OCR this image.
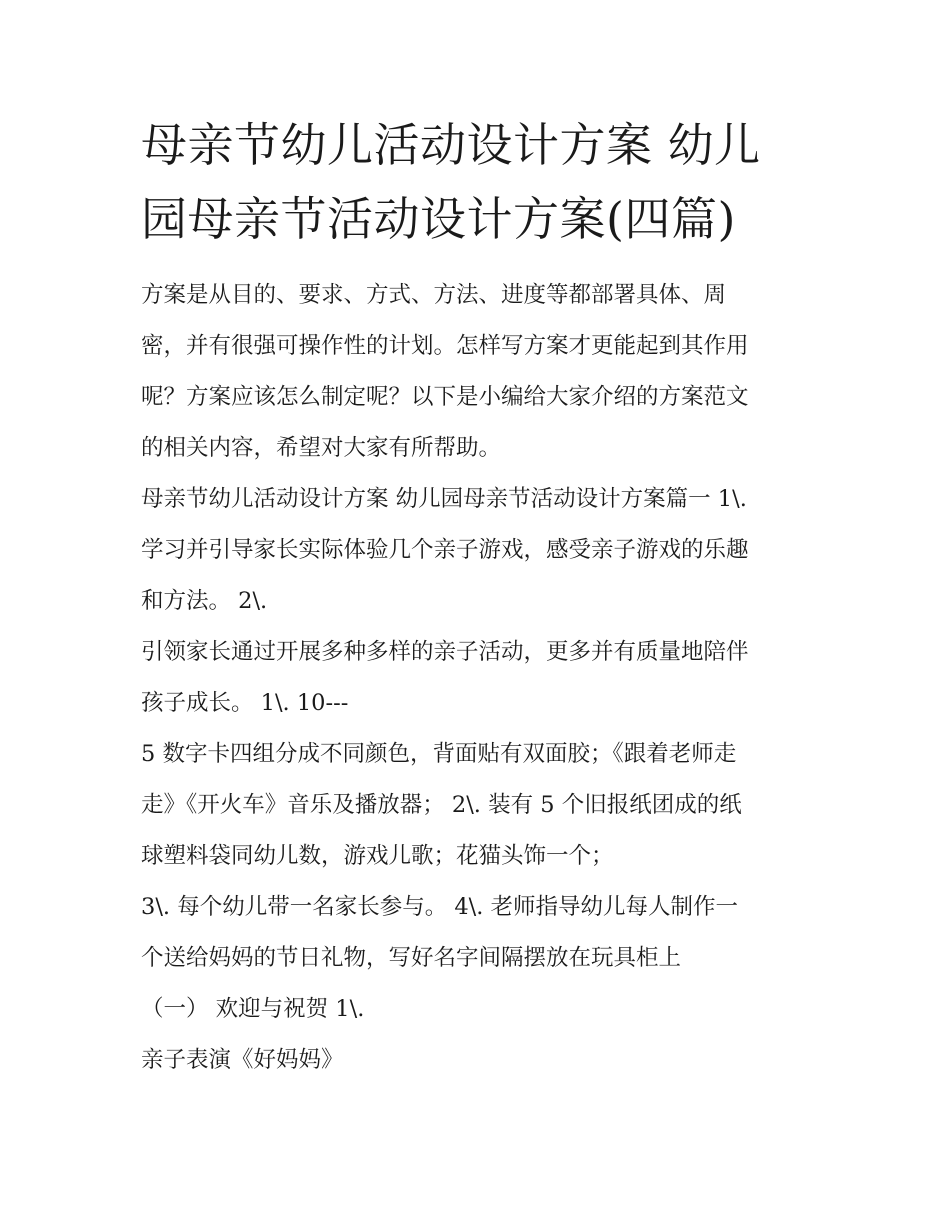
母亲节幼儿活动设计方案 幼儿
园母亲节活动设计方案(四篇)

方案是从目的、要求、方式、方法、进度等都部署具体、周

密，并有很强可操作性的计划。怎样写方案才更能起到其作用

呢？方案应该怎么制定呢？以下是小编给大家介绍的方案范文

的相关内容，希望对大家有所帮助。

母亲节幼儿活动设计方案 幼儿园母亲节活动设计方案篇一 1\.

学习并引导家长实际体验几个亲子游戏，感受亲子游戏的乐趣

和方法。 2\.

引领家长通过开展多种多样的亲子活动，更多并有质量地陪伴

孩子成长。 1\. 10---

5 数字卡四组分成不同颜色，背面贴有双面胶；《跟着老师走

走》《开火车》音乐及播放器； 2\. 装有 5 个旧报纸团成的纸

球塑料袋同幼儿数，游戏儿歌；花猫头饰一个；

3\. 每个幼儿带一名家长参与。 4\. 老师指导幼儿每人制作一

个送给妈妈的节日礼物，写好名字间隔摆放在玩具柜上

（一） 欢迎与祝贺 1\.

亲子表演《好妈妈》
